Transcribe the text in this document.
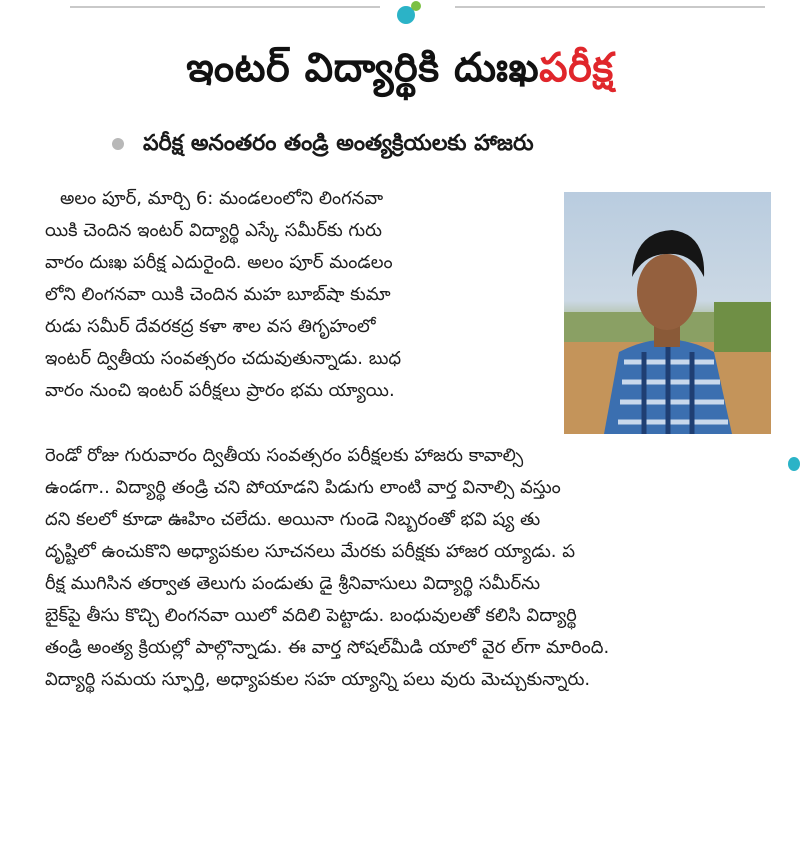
ఇంటర్ విద్యార్థికి దుఃఖపరీక్ష
పరీక్ష అనంతరం తండ్రి అంత్యక్రియలకు హాజరు
అలం పూర్, మార్చి 6: మండలంలోని లింగనవా
యికి చెందిన ఇంటర్ విద్యార్థి ఎస్కే సమీర్‌కు గురు
వారం దుఃఖ పరీక్ష ఎదురైంది. అలం పూర్ మండలం
లోని లింగనవా యికి చెందిన మహ బూబ్‌షా కుమా
రుడు సమీర్ దేవరకద్ర కళా శాల వస తిగృహంలో
ఇంటర్ ద్వితీయ సంవత్సరం చదువుతున్నాడు. బుధ
వారం నుంచి ఇంటర్ పరీక్షలు ప్రారం భమ య్యాయి.
రెండో రోజు గురువారం ద్వితీయ సంవత్సరం పరీక్షలకు హాజరు కావాల్సి
ఉండగా.. విద్యార్థి తండ్రి చని పోయాడని పిడుగు లాంటి వార్త వినాల్సి వస్తుం
దని కలలో కూడా ఊహిం చలేదు. అయినా గుండె నిబ్బరంతో భవి ష్య తు
దృష్టిలో ఉంచుకొని అధ్యాపకుల సూచనలు మేరకు పరీక్షకు హాజర య్యాడు. ప
రీక్ష ముగిసిన తర్వాత తెలుగు పండుతు డై శ్రీనివాసులు విద్యార్థి సమీర్‌ను
బైక్‌పై తీసు కొచ్చి లింగనవా యిలో వదిలి పెట్టాడు. బంధువులతో కలిసి విద్యార్థి
తండ్రి అంత్య క్రియల్లో పాల్గొన్నాడు. ఈ వార్త సోషల్‌మీడి యాలో వైర ల్‌గా మారింది.
విద్యార్థి సమయ స్ఫూర్తి, అధ్యాపకుల సహ య్యాన్ని పలు వురు మెచ్చుకున్నారు.
